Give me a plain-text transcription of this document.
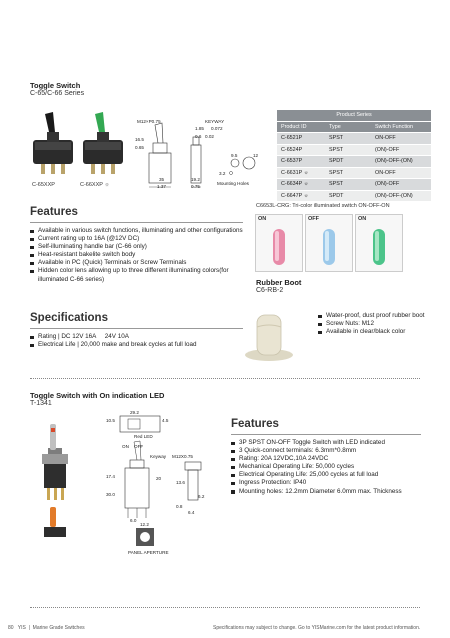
Toggle Switch
C-65/C-66 Series
C-65XXP	C-66XXP ☼
M12×P0.75	KEYWAY
1.85 0.072
0.6 0.02
16.5
0.65
35
1.37
19.2
0.75
9.5	12
3.2
Mounting Holes
Product Series		
Product ID	Type	Switch Function
C-6521P	SPST	ON-OFF
C-6524P	SPST	(ON)-OFF
C-6537P	SPDT	(ON)-OFF-(ON)
C-6631P ☼	SPST	ON-OFF
C-6634P ☼	SPST	(ON)-OFF
C-6647P ☼	SPDT	(ON)-OFF-(ON)
Features
Available in various switch functions, illuminating and other configurations
Current rating up to 16A (@12V DC)
Self-illuminating handle bar (C-66 only)
Heat-resistant bakelite switch body
Available in PC (Quick) Terminals or Screw Terminals
Hidden color lens allowing up to three different illuminating colors(for illuminated C-66 series)
C6653L-CRG: Tri-color illuminated switch ON-OFF-ON
ON	OFF	ON
Rubber Boot
C6-RB-2
Water-proof, dust proof rubber boot
Screw Nuts: M12
Available in clear/black color
Specifications
Rating | DC 12V 16A     24V 10A
Electrical Life | 20,000 make and break cycles at full load
Toggle Switch with On indication LED
T-1341
29.2
10.5	4.5
Red LED
ON OFF
Keyway M12X0.75
17.4
30.0
20
13.6
0.8
6.0
6.4
12.2
6.2
PANEL APERTURE
Features
3P SPST ON-OFF Toggle Switch with LED indicated
3 Quick-connect terminals: 6.3mm*0.8mm
Rating: 20A 12VDC,10A 24VDC
Mechanical Operating Life: 50,000 cycles
Electrical Operating Life: 25,000 cycles at full load
Ingress Protection: IP40
Mounting holes: 12.2mm Diameter 6.0mm max. Thickness
80 YIS  |  Marine Grade Switches	Specifications may subject to change. Go to YISMarine.com for the latest product information.
